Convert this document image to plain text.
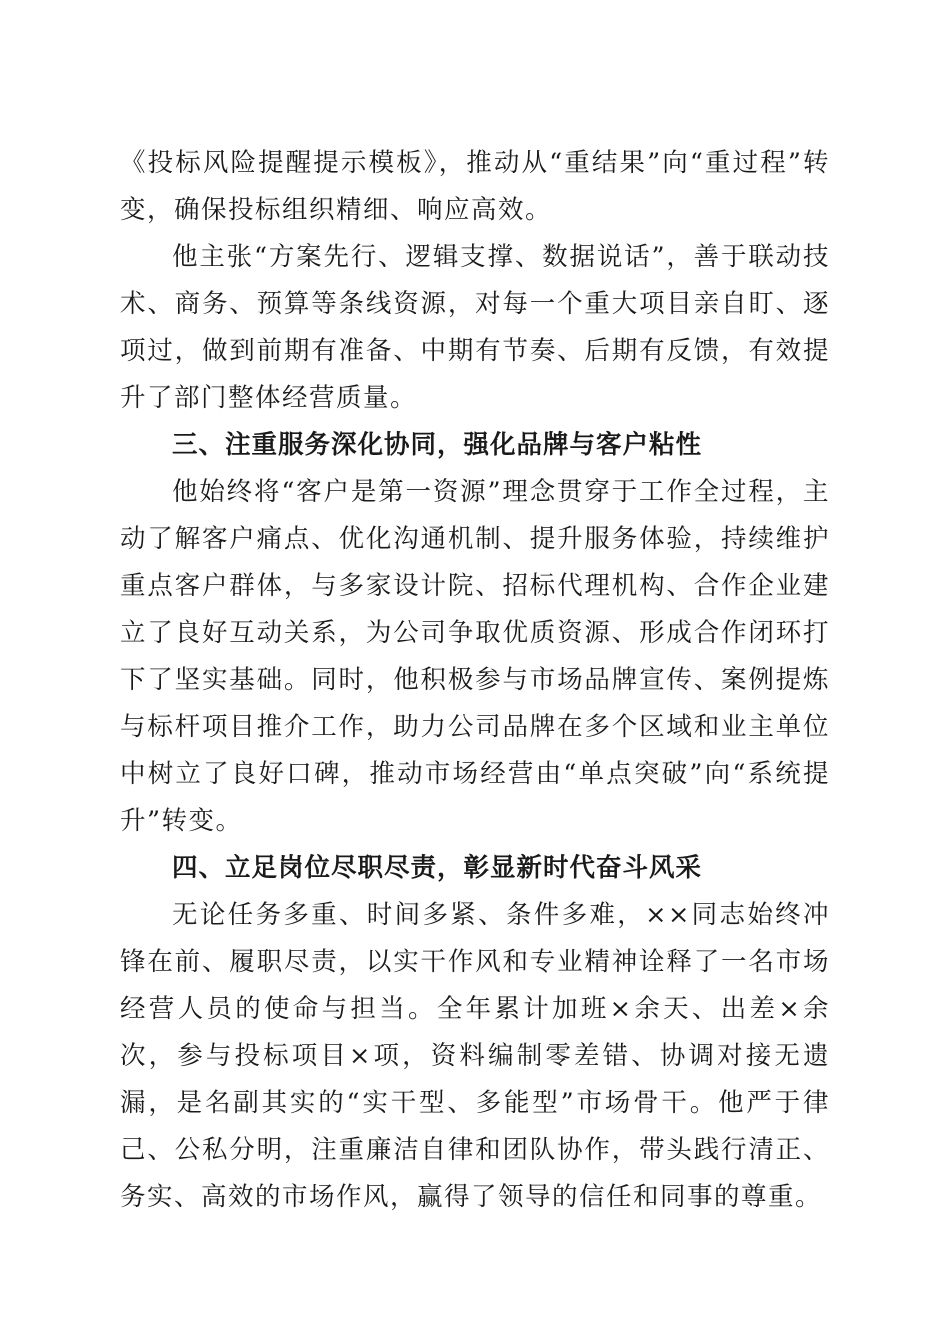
《投标风险提醒提示模板》，推动从“重结果”向“重过程”转变，确保投标组织精细、响应高效。

他主张“方案先行、逻辑支撑、数据说话”，善于联动技术、商务、预算等条线资源，对每一个重大项目亲自盯、逐项过，做到前期有准备、中期有节奏、后期有反馈，有效提升了部门整体经营质量。

三、注重服务深化协同，强化品牌与客户粘性

他始终将“客户是第一资源”理念贯穿于工作全过程，主动了解客户痛点、优化沟通机制、提升服务体验，持续维护重点客户群体，与多家设计院、招标代理机构、合作企业建立了良好互动关系，为公司争取优质资源、形成合作闭环打下了坚实基础。同时，他积极参与市场品牌宣传、案例提炼与标杆项目推介工作，助力公司品牌在多个区域和业主单位中树立了良好口碑，推动市场经营由“单点突破”向“系统提升”转变。

四、立足岗位尽职尽责，彰显新时代奋斗风采

无论任务多重、时间多紧、条件多难，××同志始终冲锋在前、履职尽责，以实干作风和专业精神诠释了一名市场经营人员的使命与担当。全年累计加班×余天、出差×余次，参与投标项目×项，资料编制零差错、协调对接无遗漏，是名副其实的“实干型、多能型”市场骨干。他严于律己、公私分明，注重廉洁自律和团队协作，带头践行清正、务实、高效的市场作风，赢得了领导的信任和同事的尊重。
